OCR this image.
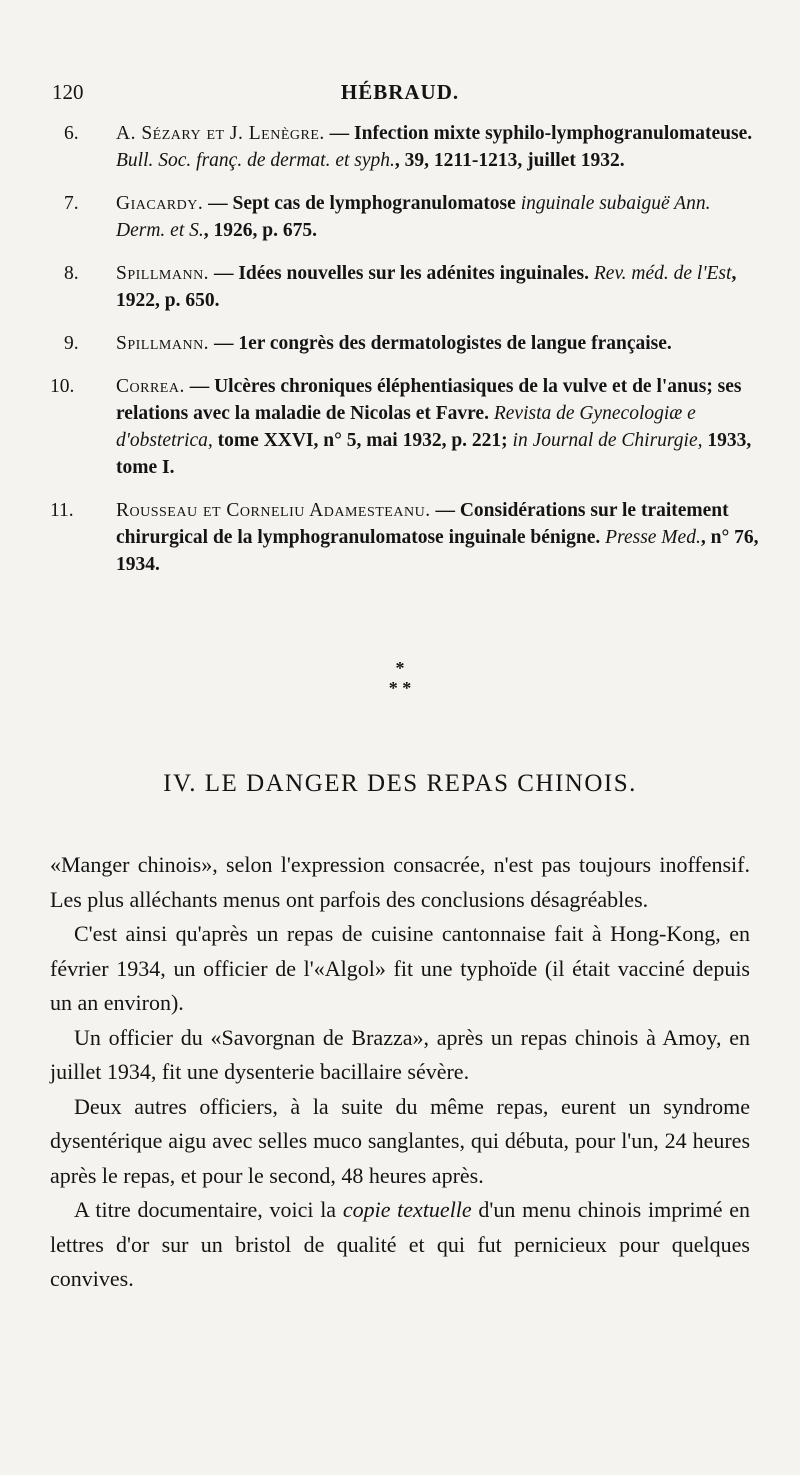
120	HÉBRAUD.
6. A. Sézary et J. Lenègre. — Infection mixte syphilo-lymphogranulomateuse. Bull. Soc. franç. de dermat. et syph., 39, 1211-1213, juillet 1932.
7. Giacardy. — Sept cas de lymphogranulomatose inguinale subaiguë Ann. Derm. et S., 1926, p. 675.
8. Spillmann. — Idées nouvelles sur les adénites inguinales. Rev. méd. de l'Est, 1922, p. 650.
9. Spillmann. — 1er congrès des dermatologistes de langue française.
10. Correa. — Ulcères chroniques éléphentiasiques de la vulve et de l'anus; ses relations avec la maladie de Nicolas et Favre. Revista de Gynecologiæ e d'obstetrica, tome XXVI, n° 5, mai 1932, p. 221; in Journal de Chirurgie, 1933, tome I.
11. Rousseau et Corneliu Adamesteanu. — Considérations sur le traitement chirurgical de la lymphogranulomatose inguinale bénigne. Presse Med., n° 76, 1934.
*
* *
IV. LE DANGER DES REPAS CHINOIS.

«Manger chinois», selon l'expression consacrée, n'est pas toujours inoffensif. Les plus alléchants menus ont parfois des conclusions désagréables.

C'est ainsi qu'après un repas de cuisine cantonnaise fait à Hong-Kong, en février 1934, un officier de l'«Algol» fit une typhoïde (il était vacciné depuis un an environ).

Un officier du «Savorgnan de Brazza», après un repas chinois à Amoy, en juillet 1934, fit une dysenterie bacillaire sévère.

Deux autres officiers, à la suite du même repas, eurent un syndrome dysentérique aigu avec selles muco sanglantes, qui débuta, pour l'un, 24 heures après le repas, et pour le second, 48 heures après.

A titre documentaire, voici la copie textuelle d'un menu chinois imprimé en lettres d'or sur un bristol de qualité et qui fut pernicieux pour quelques convives.
